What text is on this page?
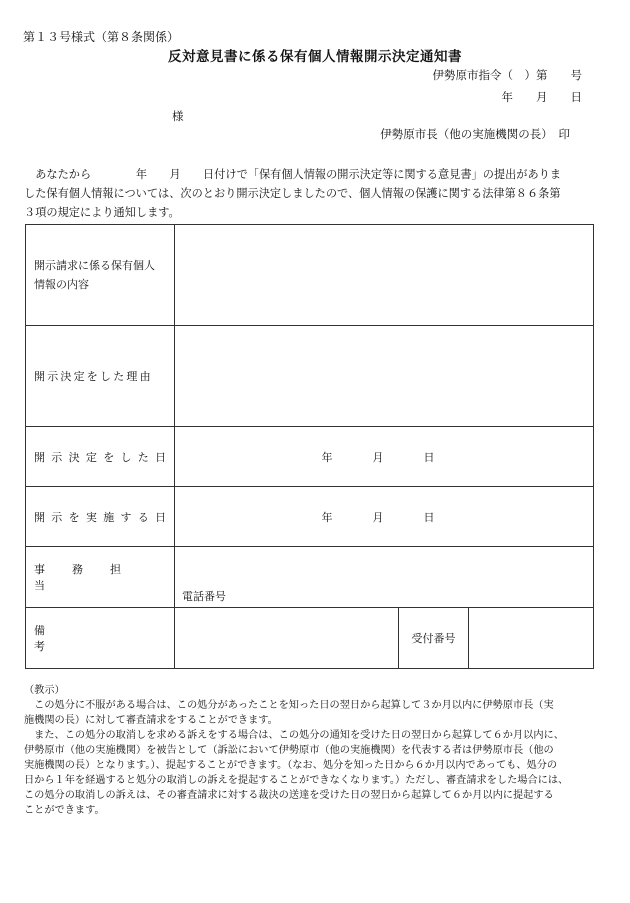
第１３号様式（第８条関係）
反対意見書に係る保有個人情報開示決定通知書
伊勢原市指令（　）第　　号
年　　月　　日
様
伊勢原市長（他の実施機関の長）　印
　あなたから　　　　年　　月　　日付けで「保有個人情報の開示決定等に関する意見書」の提出がありま
した保有個人情報については、次のとおり開示決定しましたので、個人情報の保護に関する法律第８６条第
３項の規定により通知します。
開示請求に係る保有個人
情報の内容			

開示決定をした理由			
開示決定をした日	年 月 日		

開示を実施する日	年 月 日		

事務担当	電話番号		
備考		受付番号	
（教示）
　この処分に不服がある場合は、この処分があったことを知った日の翌日から起算して３か月以内に伊勢原市長（実
施機関の長）に対して審査請求をすることができます。
　また、この処分の取消しを求める訴えをする場合は、この処分の通知を受けた日の翌日から起算して６か月以内に、
伊勢原市（他の実施機関）を被告として（訴訟において伊勢原市（他の実施機関）を代表する者は伊勢原市長（他の
実施機関の長）となります。）、提起することができます。（なお、処分を知った日から６か月以内であっても、処分の
日から１年を経過すると処分の取消しの訴えを提起することができなくなります。）ただし、審査請求をした場合には、
この処分の取消しの訴えは、その審査請求に対する裁決の送達を受けた日の翌日から起算して６か月以内に提起する
ことができます。
